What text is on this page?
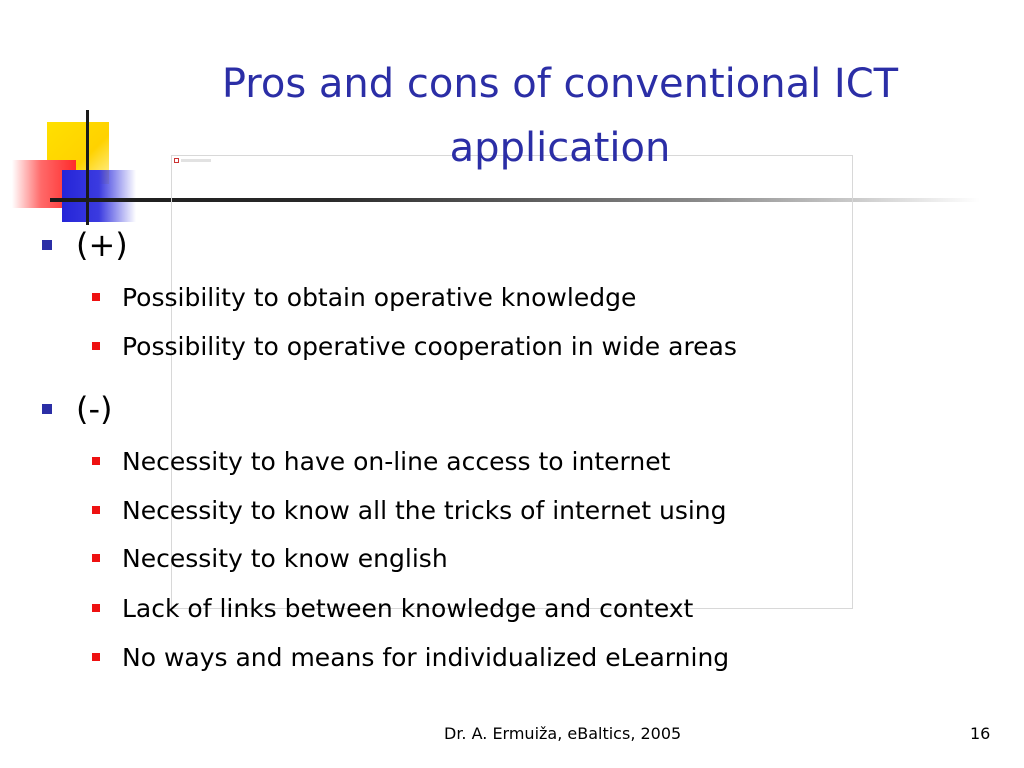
Pros and cons of conventional ICT
application
(+)
Possibility to obtain operative knowledge
Possibility to operative cooperation in wide areas
(-)
Necessity to have on-line access to internet
Necessity to know all the tricks of internet using
Necessity to know english
Lack of links between knowledge and context
No ways and means for individualized eLearning
Dr. A. Ermuiža, eBaltics, 2005	16
